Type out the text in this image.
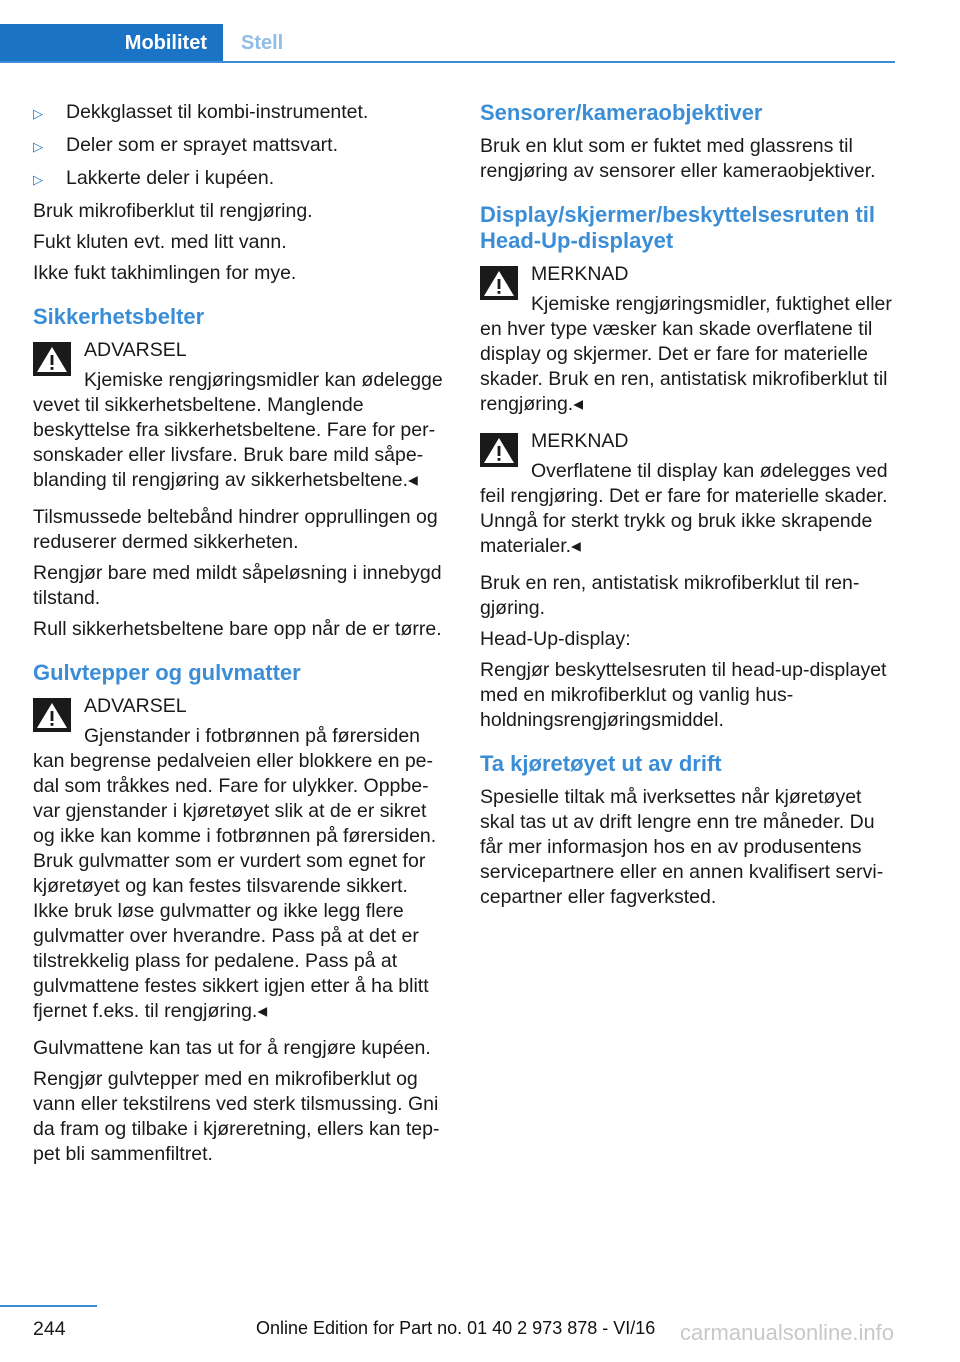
Mobilitet	Stell
▷	Dekkglasset til kombi-instrumentet.
▷	Deler som er sprayet mattsvart.
▷	Lakkerte deler i kupéen.

Bruk mikrofiberklut til rengjøring.

Fukt kluten evt. med litt vann.

Ikke fukt takhimlingen for mye.

Sikkerhetsbelter
ADVARSEL
Kjemiske rengjøringsmidler kan ødelegge vevet til sikkerhetsbeltene. Manglende beskyttelse fra sikkerhetsbeltene. Fare for personskader eller livsfare. Bruk bare mild såpeblanding til rengjøring av sikkerhetsbeltene.◂

Tilsmussede beltebånd hindrer opprullingen og reduserer dermed sikkerheten.

Rengjør bare med mildt såpeløsning i innebygd tilstand.

Rull sikkerhetsbeltene bare opp når de er tørre.

Gulvtepper og gulvmatter
ADVARSEL
Gjenstander i fotbrønnen på førersiden kan begrense pedalveien eller blokkere en pedal som tråkkes ned. Fare for ulykker. Oppbevar gjenstander i kjøretøyet slik at de er sikret og ikke kan komme i fotbrønnen på førersiden. Bruk gulvmatter som er vurdert som egnet for kjøretøyet og kan festes tilsvarende sikkert. Ikke bruk løse gulvmatter og ikke legg flere gulvmatter over hverandre. Pass på at det er tilstrekkelig plass for pedalene. Pass på at gulvmattene festes sikkert igjen etter å ha blitt fjernet f.eks. til rengjøring.◂

Gulvmattene kan tas ut for å rengjøre kupéen.

Rengjør gulvtepper med en mikrofiberklut og vann eller tekstilrens ved sterk tilsmussing. Gni da fram og tilbake i kjøreretning, ellers kan teppet bli sammenfiltret.

Sensorer/kameraobjektiver

Bruk en klut som er fuktet med glassrens til rengjøring av sensorer eller kameraobjektiver.

Display/skjermer/beskyttelsesruten til Head-Up-displayet
MERKNAD
Kjemiske rengjøringsmidler, fuktighet eller en hver type væsker kan skade overflatene til display og skjermer. Det er fare for materielle skader. Bruk en ren, antistatisk mikrofiberklut til rengjøring.◂
MERKNAD
Overflatene til display kan ødelegges ved feil rengjøring. Det er fare for materielle skader. Unngå for sterkt trykk og bruk ikke skrapende materialer.◂

Bruk en ren, antistatisk mikrofiberklut til rengjøring.

Head-Up-display:

Rengjør beskyttelsesruten til head-up-displayet med en mikrofiberklut og vanlig husholdningsrengjøringsmiddel.

Ta kjøretøyet ut av drift

Spesielle tiltak må iverksettes når kjøretøyet skal tas ut av drift lengre enn tre måneder. Du får mer informasjon hos en av produsentens servicepartnere eller en annen kvalifisert servicepartner eller fagverksted.

244	Online Edition for Part no. 01 40 2 973 878 - VI/16 carmanualsonline.info
